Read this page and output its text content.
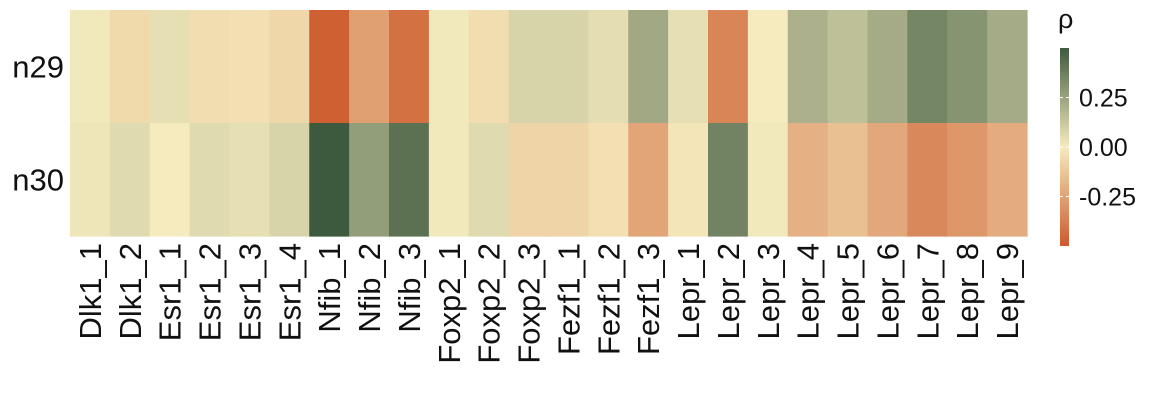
n29
n30
Dlk1_1 Dlk1_2 Esr1_1 Esr1_2 Esr1_3 Esr1_4 Nfib_1 Nfib_2 Nfib_3 Foxp2_1 Foxp2_2 Foxp2_3 Fezf1_1 Fezf1_2 Fezf1_3 Lepr_1 Lepr_2 Lepr_3 Lepr_4 Lepr_5 Lepr_6 Lepr_7 Lepr_8 Lepr_9
ρ
0.25
0.00
-0.25
